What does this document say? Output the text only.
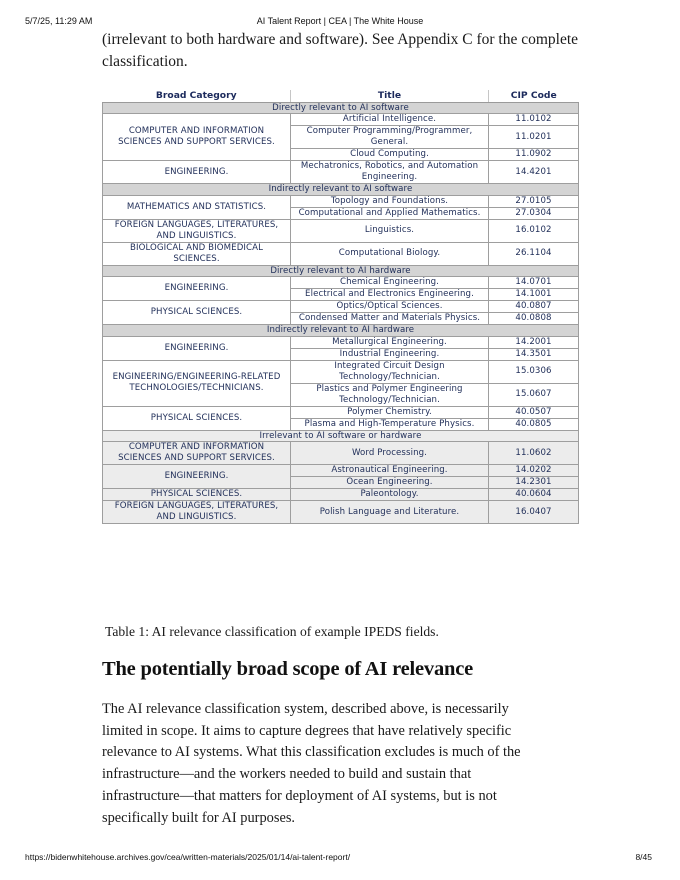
5/7/25, 11:29 AM	AI Talent Report | CEA | The White House
(irrelevant to both hardware and software). See Appendix C for the complete
classification.
Broad Category	Title	CIP Code
Directly relevant to AI software		
COMPUTER AND INFORMATION SCIENCES AND SUPPORT SERVICES.	Artificial Intelligence.	11.0102
	Computer Programming/Programmer, General.	11.0201
	Cloud Computing.	11.0902
ENGINEERING.	Mechatronics, Robotics, and Automation Engineering.	14.4201
Indirectly relevant to AI software		
MATHEMATICS AND STATISTICS.	Topology and Foundations.	27.0105
	Computational and Applied Mathematics.	27.0304
FOREIGN LANGUAGES, LITERATURES, AND LINGUISTICS.	Linguistics.	16.0102
BIOLOGICAL AND BIOMEDICAL SCIENCES.	Computational Biology.	26.1104
Directly relevant to AI hardware		
ENGINEERING.	Chemical Engineering.	14.0701
	Electrical and Electronics Engineering.	14.1001
PHYSICAL SCIENCES.	Optics/Optical Sciences.	40.0807
	Condensed Matter and Materials Physics.	40.0808
Indirectly relevant to AI hardware		
ENGINEERING.	Metallurgical Engineering.	14.2001
	Industrial Engineering.	14.3501
ENGINEERING/ENGINEERING-RELATED TECHNOLOGIES/TECHNICIANS.	Integrated Circuit Design Technology/Technician.	15.0306
	Plastics and Polymer Engineering Technology/Technician.	15.0607
PHYSICAL SCIENCES.	Polymer Chemistry.	40.0507
	Plasma and High-Temperature Physics.	40.0805
Irrelevant to AI software or hardware		
COMPUTER AND INFORMATION SCIENCES AND SUPPORT SERVICES.	Word Processing.	11.0602
ENGINEERING.	Astronautical Engineering.	14.0202
	Ocean Engineering.	14.2301
PHYSICAL SCIENCES.	Paleontology.	40.0604
FOREIGN LANGUAGES, LITERATURES, AND LINGUISTICS.	Polish Language and Literature.	16.0407
Table 1: AI relevance classification of example IPEDS fields.
The potentially broad scope of AI relevance
The AI relevance classification system, described above, is necessarily
limited in scope. It aims to capture degrees that have relatively specific
relevance to AI systems. What this classification excludes is much of the
infrastructure—and the workers needed to build and sustain that
infrastructure—that matters for deployment of AI systems, but is not
specifically built for AI purposes.
https://bidenwhitehouse.archives.gov/cea/written-materials/2025/01/14/ai-talent-report/	8/45
